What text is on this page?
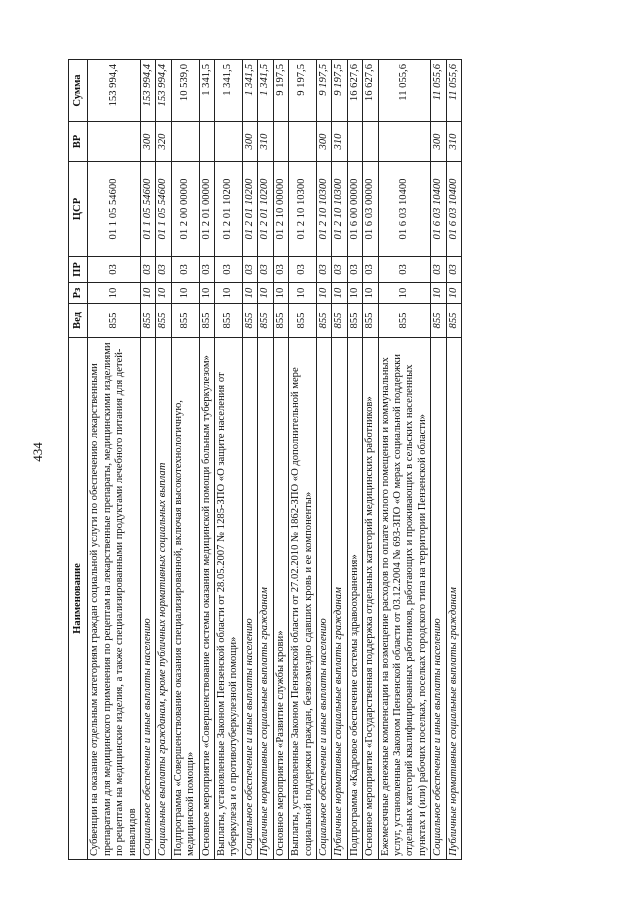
434
Наименование	Вед	Рз	ПР	ЦСР	ВР	Сумма
Субвенции на оказание отдельным категориям граждан социальной услуги по обеспечению лекарственными препаратами для медицинского применения по рецептам на лекарственные препараты, медицинскими изделиями по рецептам на медицинские изделия, а также специализированными продуктами лечебного питания для детей-инвалидов	855	10	03	01 1 05 54600		153 994,4
Социальное обеспечение и иные выплаты населению	855	10	03	01 1 05 54600	300	153 994,4
Социальные выплаты гражданам, кроме публичных нормативных социальных выплат	855	10	03	01 1 05 54600	320	153 994,4
Подпрограмма «Совершенствование оказания специализированной, включая высокотехнологичную, медицинской помощи»	855	10	03	01 2 00 00000		10 539,0
Основное мероприятие «Совершенствование системы оказания медицинской помощи больным туберкулезом»	855	10	03	01 2 01 00000		1 341,5
Выплаты, установленные Законом Пензенской области от 28.05.2007 № 1285-ЗПО «О защите населения от туберкулеза и о противотуберкулезной помощи»	855	10	03	01 2 01 10200		1 341,5
Социальное обеспечение и иные выплаты населению	855	10	03	01 2 01 10200	300	1 341,5
Публичные нормативные социальные выплаты гражданам	855	10	03	01 2 01 10200	310	1 341,5
Основное мероприятие «Развитие службы крови»	855	10	03	01 2 10 00000		9 197,5
Выплаты, установленные Законом Пензенской области от 27.02.2010 № 1862-ЗПО «О дополнительной мере социальной поддержки граждан, безвозмездно сдавших кровь и ее компоненты»	855	10	03	01 2 10 10300		9 197,5
Социальное обеспечение и иные выплаты населению	855	10	03	01 2 10 10300	300	9 197,5
Публичные нормативные социальные выплаты гражданам	855	10	03	01 2 10 10300	310	9 197,5
Подпрограмма «Кадровое обеспечение системы здравоохранения»	855	10	03	01 6 00 00000		16 627,6
Основное мероприятие «Государственная поддержка отдельных категорий медицинских работников»	855	10	03	01 6 03 00000		16 627,6
Ежемесячные денежные компенсации на возмещение расходов по оплате жилого помещения и коммунальных услуг, установленные Законом Пензенской области от 03.12.2004 № 693-ЗПО «О мерах социальной поддержки отдельных категорий квалифицированных работников, работающих и проживающих в сельских населенных пунктах и (или) рабочих поселках, поселках городского типа на территории Пензенской области»	855	10	03	01 6 03 10400		11 055,6
Социальное обеспечение и иные выплаты населению	855	10	03	01 6 03 10400	300	11 055,6
Публичные нормативные социальные выплаты гражданам	855	10	03	01 6 03 10400	310	11 055,6
